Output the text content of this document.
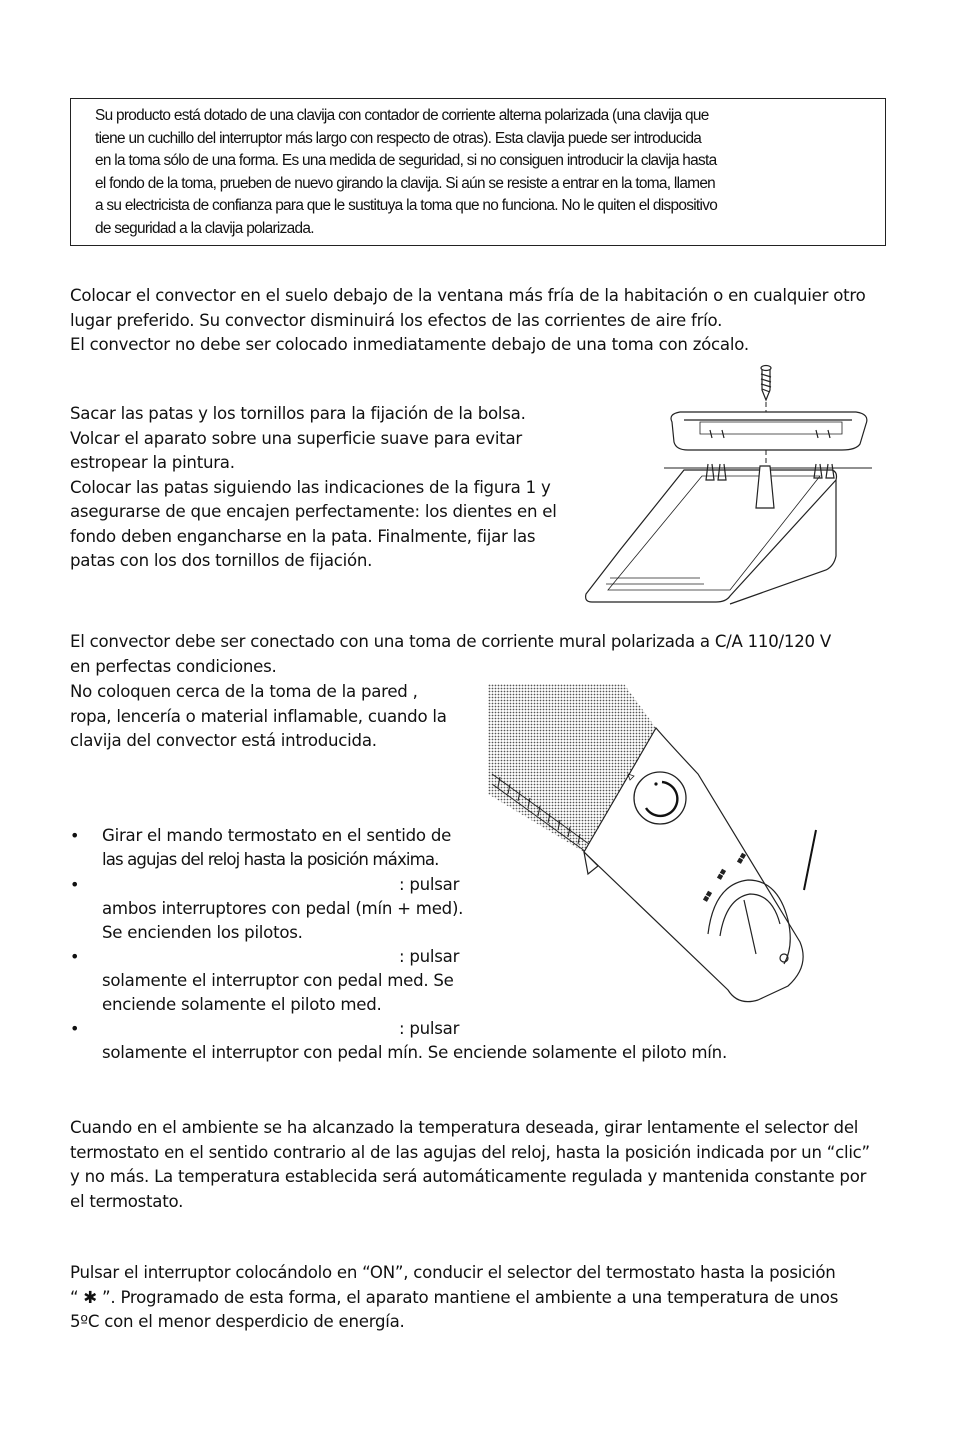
Su producto está dotado de una clavija con contador de corriente alterna polarizada (una clavija que
tiene un cuchillo del interruptor más largo con respecto de otras). Esta clavija puede ser introducida
en la toma sólo de una forma. Es una medida de seguridad, si no consiguen introducir la clavija hasta
el fondo de la toma, prueben de nuevo girando la clavija. Si aún se resiste a entrar en la toma, llamen
a su electricista de confianza para que le sustituya la toma que no funciona. No le quiten el dispositivo
de seguridad a la clavija polarizada.
Colocar el convector en el suelo debajo de la ventana más fría de la habitación o en cualquier otro
lugar preferido. Su convector disminuirá los efectos de las corrientes de aire frío.
El convector no debe ser colocado inmediatamente debajo de una toma con zócalo.
Sacar las patas y los tornillos para la fijación de la bolsa.
Volcar el aparato sobre una superficie suave para evitar
estropear la pintura.
Colocar las patas siguiendo las indicaciones de la figura 1 y
asegurarse de que encajen perfectamente: los dientes en el
fondo deben engancharse en la pata. Finalmente, fijar las
patas con los dos tornillos de fijación.
El convector debe ser conectado con una toma de corriente mural polarizada a C/A 110/120 V
en perfectas condiciones.
No coloquen cerca de la toma de la pared ,
ropa, lencería o material inflamable, cuando la
clavija del convector está introducida.
• Girar el mando termostato en el sentido de
las agujas del reloj hasta la posición máxima.
•	: pulsar
ambos interruptores con pedal (mín + med).
Se encienden los pilotos.
•	: pulsar
solamente el interruptor con pedal med. Se
enciende solamente el piloto med.
•	: pulsar
solamente el interruptor con pedal mín. Se enciende solamente el piloto mín.
■■
■■
■■
Cuando en el ambiente se ha alcanzado la temperatura deseada, girar lentamente el selector del
termostato en el sentido contrario al de las agujas del reloj, hasta la posición indicada por un “clic”
y no más. La temperatura establecida será automáticamente regulada y mantenida constante por
el termostato.
Pulsar el interruptor colocándolo en “ON”, conducir el selector del termostato hasta la posición
“ ✱ ”. Programado de esta forma, el aparato mantiene el ambiente a una temperatura de unos
5ºC con el menor desperdicio de energía.
